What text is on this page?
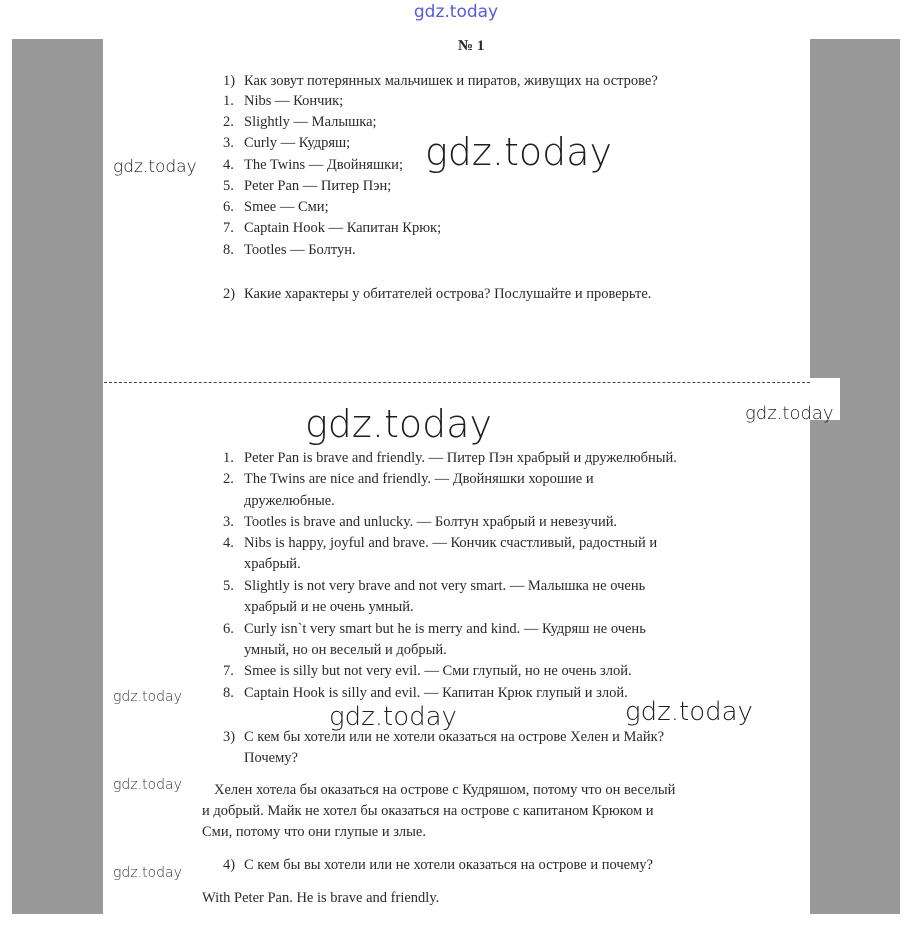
gdz.today
gdz.today	gdz.today
gdz.today	gdz.today
gdz.today
gdz.today	gdz.today
gdz.today
gdz.today
№ 1
1) Как зовут потерянных мальчишек и пиратов, живущих на острове?
1. Nibs — Кончик;
2. Slightly — Малышка;
3. Curly — Кудряш;
4. The Twins — Двойняшки;
5. Peter Pan — Питер Пэн;
6. Smee — Сми;
7. Captain Hook — Капитан Крюк;
8. Tootles — Болтун.
2) Какие характеры у обитателей острова? Послушайте и проверьте.
1. Peter Pan is brave and friendly. — Питер Пэн храбрый и дружелюбный.
2. The Twins are nice and friendly. — Двойняшки хорошие и
дружелюбные.
3. Tootles is brave and unlucky. — Болтун храбрый и невезучий.
4. Nibs is happy, joyful and brave. — Кончик счастливый, радостный и
храбрый.
5. Slightly is not very brave and not very smart. — Малышка не очень
храбрый и не очень умный.
6. Curly isn`t very smart but he is merry and kind. — Кудряш не очень
умный, но он веселый и добрый.
7. Smee is silly but not very evil. — Сми глупый, но не очень злой.
8. Captain Hook is silly and evil. — Капитан Крюк глупый и злой.
3) С кем бы хотели или не хотели оказаться на острове Хелен и Майк?
Почему?
Хелен хотела бы оказаться на острове с Кудряшом, потому что он веселый
и добрый. Майк не хотел бы оказаться на острове с капитаном Крюком и
Сми, потому что они глупые и злые.
4) С кем бы вы хотели или не хотели оказаться на острове и почему?
With Peter Pan. He is brave and friendly.
